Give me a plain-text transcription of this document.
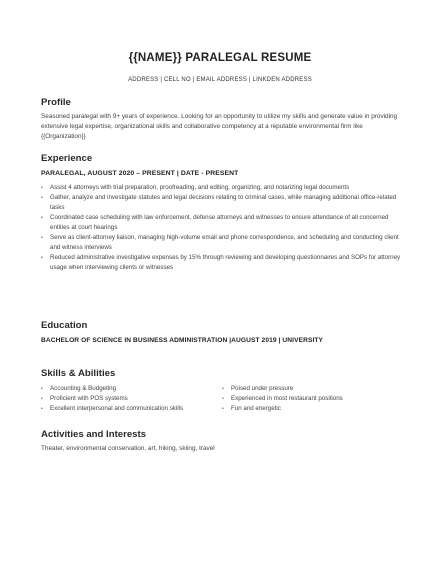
{{NAME}} PARALEGAL RESUME
ADDRESS | CELL NO | EMAIL ADDRESS | LINKDEN ADDRESS
Profile
Seasoned paralegal with 9+ years of experience. Looking for an opportunity to utilize my skills and generate value in providing extensive legal expertise, organizational skills and collaborative competency at a reputable environmental firm like {{Organization}}
Experience
PARALEGAL, AUGUST 2020 – PRESENT | DATE - PRESENT
• Assist 4 attorneys with trial preparation, proofreading, and editing, organizing, and notarizing legal documents
• Gather, analyze and investigate statutes and legal decisions relating to criminal cases, while managing additional office-related tasks
• Coordinated case scheduling with law enforcement, defense attorneys and witnesses to ensure attendance of all concerned entities at court hearings
• Serve as client-attorney liaison, managing high-volume email and phone correspondence, and scheduling and conducting client and witness interviews
• Reduced administrative investigative expenses by 15% through reviewing and developing questionnaires and SOPs for attorney usage when interviewing clients or witnesses
Education
BACHELOR OF SCIENCE IN BUSINESS ADMINISTRATION |AUGUST 2019 | UNIVERSITY
Skills & Abilities
• Accounting & Budgeting
• Proficient with POS systems
• Excellent interpersonal and communication skills
• Poised under pressure
• Experienced in most restaurant positions
• Fun and energetic
Activities and Interests
Theater, environmental conservation, art, hiking, skiing, travel
